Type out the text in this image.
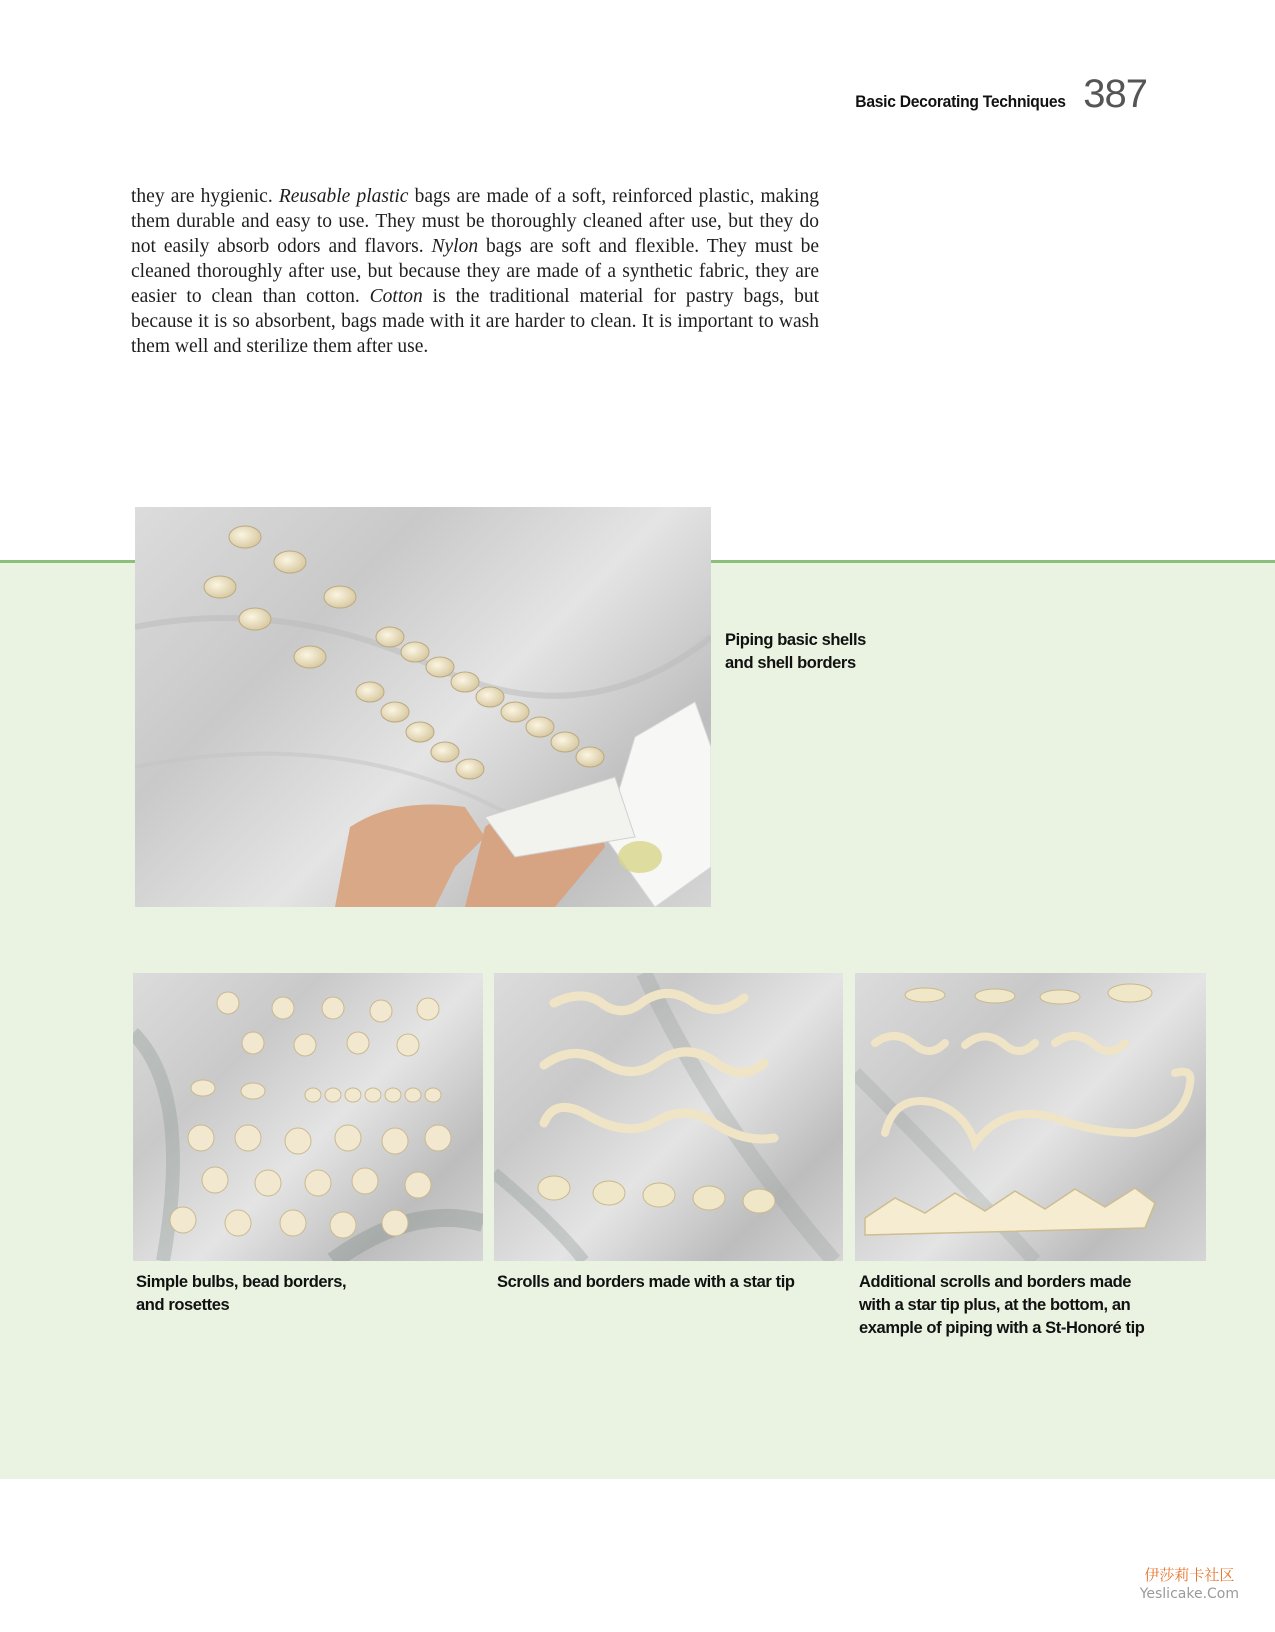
Basic Decorating Techniques 387

they are hygienic. Reusable plastic bags are made of a soft, reinforced plastic, making them durable and easy to use. They must be thoroughly cleaned after use, but they do not easily absorb odors and flavors. Nylon bags are soft and flexible. They must be cleaned thoroughly after use, but because they are made of a synthetic fabric, they are easier to clean than cotton. Cotton is the traditional material for pastry bags, but because it is so absorbent, bags made with it are harder to clean. It is important to wash them well and sterilize them after use.

Piping basic shells
and shell borders

Simple bulbs, bead borders,
and rosettes

Scrolls and borders made with a star tip	Additional scrolls and borders made
with a star tip plus, at the bottom, an
example of piping with a St-Honoré tip

伊莎莉卡社区
Yeslicake.Com
